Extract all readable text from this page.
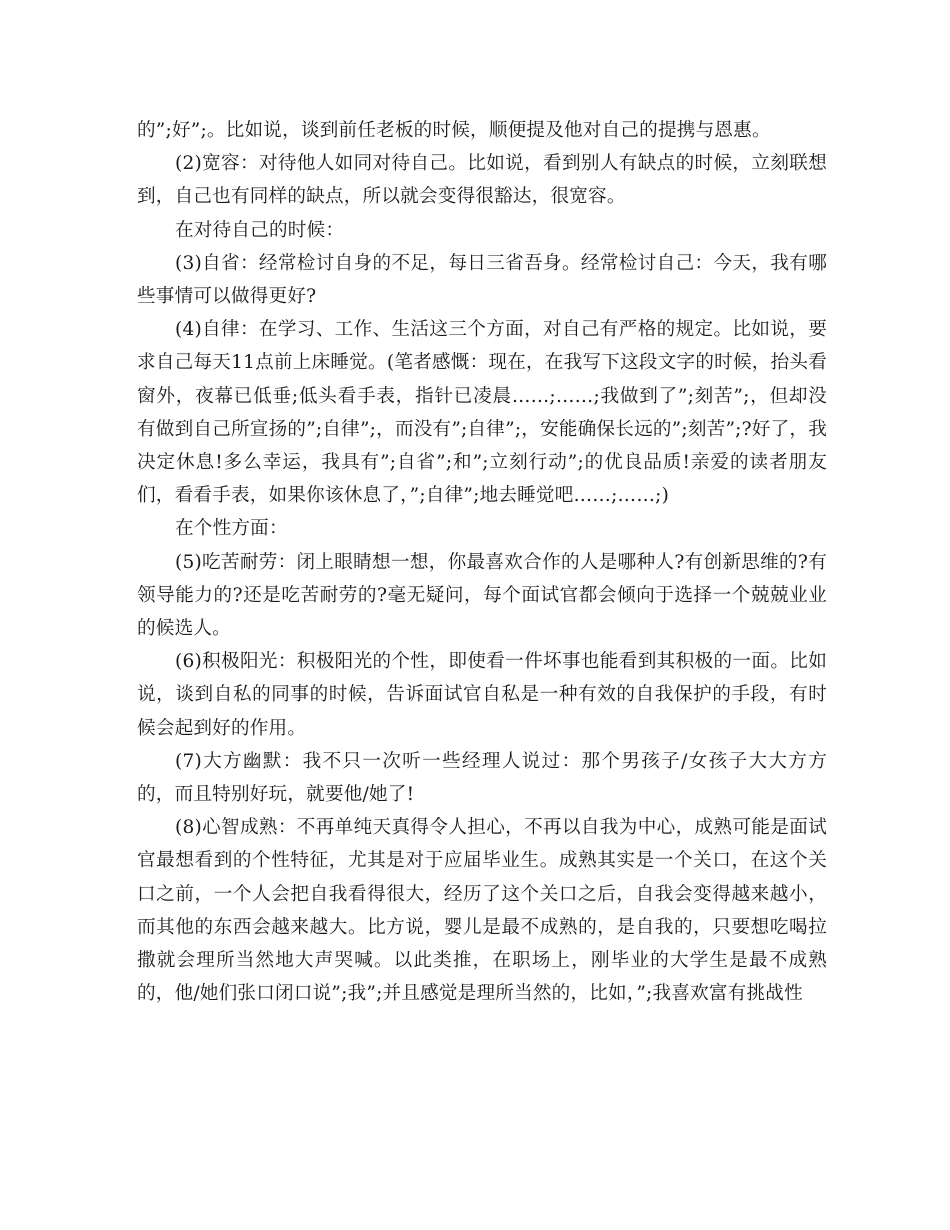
的”;好”;。比如说，谈到前任老板的时候，顺便提及他对自己的提携与恩惠。

(2)宽容：对待他人如同对待自己。比如说，看到别人有缺点的时候，立刻联想到，自己也有同样的缺点，所以就会变得很豁达，很宽容。

在对待自己的时候：

(3)自省：经常检讨自身的不足，每日三省吾身。经常检讨自己：今天，我有哪些事情可以做得更好?

(4)自律：在学习、工作、生活这三个方面，对自己有严格的规定。比如说，要求自己每天11点前上床睡觉。(笔者感慨：现在，在我写下这段文字的时候，抬头看窗外，夜幕已低垂;低头看手表，指针已凌晨……;……;我做到了”;刻苦”;，但却没有做到自己所宣扬的”;自律”;，而没有”;自律”;，安能确保长远的”;刻苦”;?好了，我决定休息!多么幸运，我具有”;自省”;和”;立刻行动”;的优良品质!亲爱的读者朋友们，看看手表，如果你该休息了，”;自律”;地去睡觉吧……;……;)

在个性方面：

(5)吃苦耐劳：闭上眼睛想一想，你最喜欢合作的人是哪种人?有创新思维的?有领导能力的?还是吃苦耐劳的?毫无疑问，每个面试官都会倾向于选择一个兢兢业业的候选人。

(6)积极阳光：积极阳光的个性，即使看一件坏事也能看到其积极的一面。比如说，谈到自私的同事的时候，告诉面试官自私是一种有效的自我保护的手段，有时候会起到好的作用。

(7)大方幽默：我不只一次听一些经理人说过：那个男孩子/女孩子大大方方的，而且特别好玩，就要他/她了!

(8)心智成熟：不再单纯天真得令人担心，不再以自我为中心，成熟可能是面试官最想看到的个性特征，尤其是对于应届毕业生。成熟其实是一个关口，在这个关口之前，一个人会把自我看得很大，经历了这个关口之后，自我会变得越来越小，而其他的东西会越来越大。比方说，婴儿是最不成熟的，是自我的，只要想吃喝拉撒就会理所当然地大声哭喊。以此类推，在职场上，刚毕业的大学生是最不成熟的，他/她们张口闭口说”;我”;并且感觉是理所当然的，比如，”;我喜欢富有挑战性
